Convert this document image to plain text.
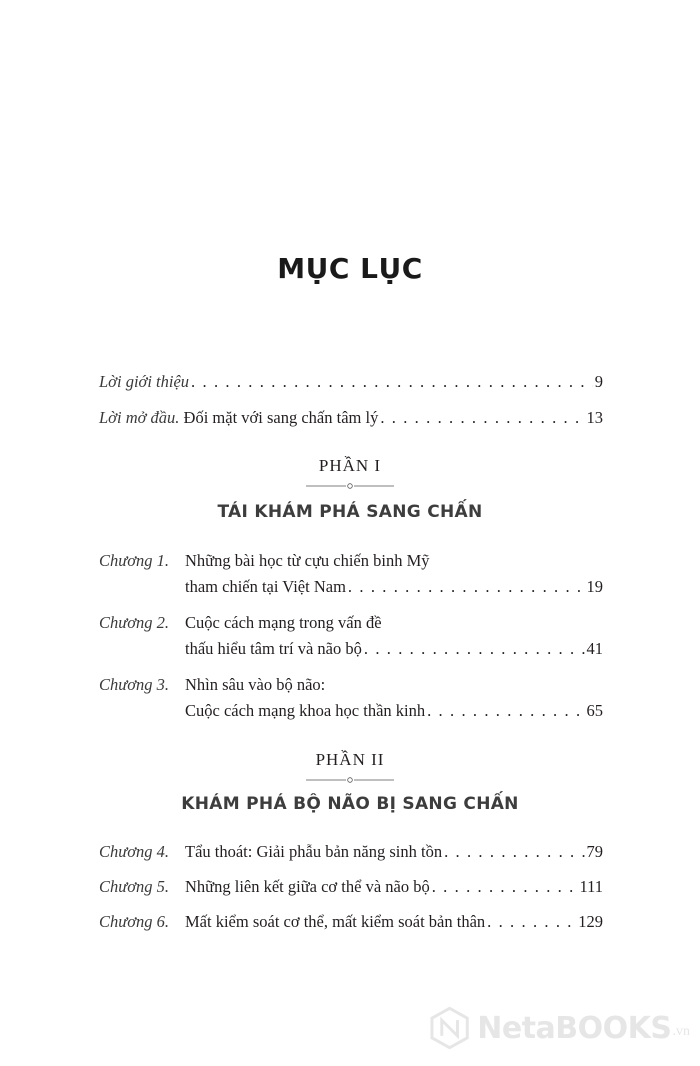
MỤC LỤC
Lời giới thiệu . . .	9
Lời mở đầu. Đối mặt với sang chấn tâm lý . . .	13
PHẦN I
TÁI KHÁM PHÁ SANG CHẤN
Chương 1. Những bài học từ cựu chiến binh Mỹ
tham chiến tại Việt Nam . . .	19
Chương 2. Cuộc cách mạng trong vấn đề
thấu hiểu tâm trí và não bộ . . .	41
Chương 3. Nhìn sâu vào bộ não:
Cuộc cách mạng khoa học thần kinh . . .	65
PHẦN II
KHÁM PHÁ BỘ NÃO BỊ SANG CHẤN
Chương 4. Tẩu thoát: Giải phẫu bản năng sinh tồn . . .	79
Chương 5. Những liên kết giữa cơ thể và não bộ . . .	111
Chương 6. Mất kiểm soát cơ thể, mất kiểm soát bản thân . . .	129
NetaBOOKS .vn
